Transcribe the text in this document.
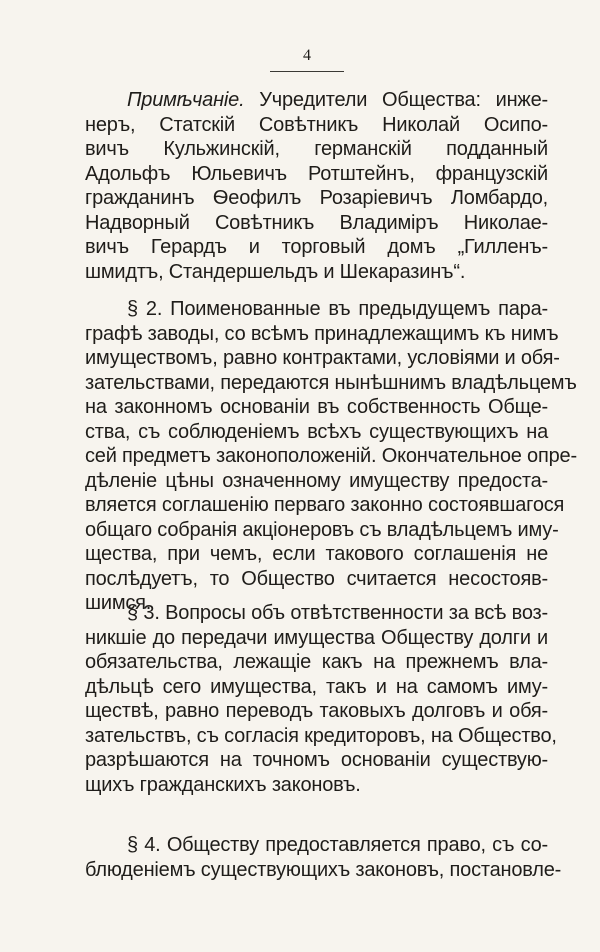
4
Примѣчаніе. Учредители Общества: инже-
неръ, Статскій Совѣтникъ Николай Осипо-
вичъ Кульжинскій, германскій подданный
Адольфъ Юльевичъ Ротштейнъ, французскій
гражданинъ Ѳеофилъ Розаріевичъ Ломбардо,
Надворный Совѣтникъ Владиміръ Николае-
вичъ Герардъ и торговый домъ „Гилленъ-
шмидтъ, Стандершельдъ и Шекаразинъ“.
§ 2. Поименованные въ предыдущемъ пара-
графѣ заводы, со всѣмъ принадлежащимъ къ нимъ
имуществомъ, равно контрактами, условіями и обя-
зательствами, передаются нынѣшнимъ владѣльцемъ
на законномъ основаніи въ собственность Обще-
ства, съ соблюденіемъ всѣхъ существующихъ на
сей предметъ законоположеній. Окончательное опре-
дѣленіе цѣны означенному имуществу предоста-
вляется соглашенію перваго законно состоявшагося
общаго собранія акціонеровъ съ владѣльцемъ иму-
щества, при чемъ, если такового соглашенія не
послѣдуетъ, то Общество считается несостояв-
шимся.
§ 3. Вопросы объ отвѣтственности за всѣ воз-
никшіе до передачи имущества Обществу долги и
обязательства, лежащіе какъ на прежнемъ вла-
дѣльцѣ сего имущества, такъ и на самомъ иму-
ществѣ, равно переводъ таковыхъ долговъ и обя-
зательствъ, съ согласія кредиторовъ, на Общество,
разрѣшаются на точномъ основаніи существую-
щихъ гражданскихъ законовъ.
§ 4. Обществу предоставляется право, съ со-
блюденіемъ существующихъ законовъ, постановле-
